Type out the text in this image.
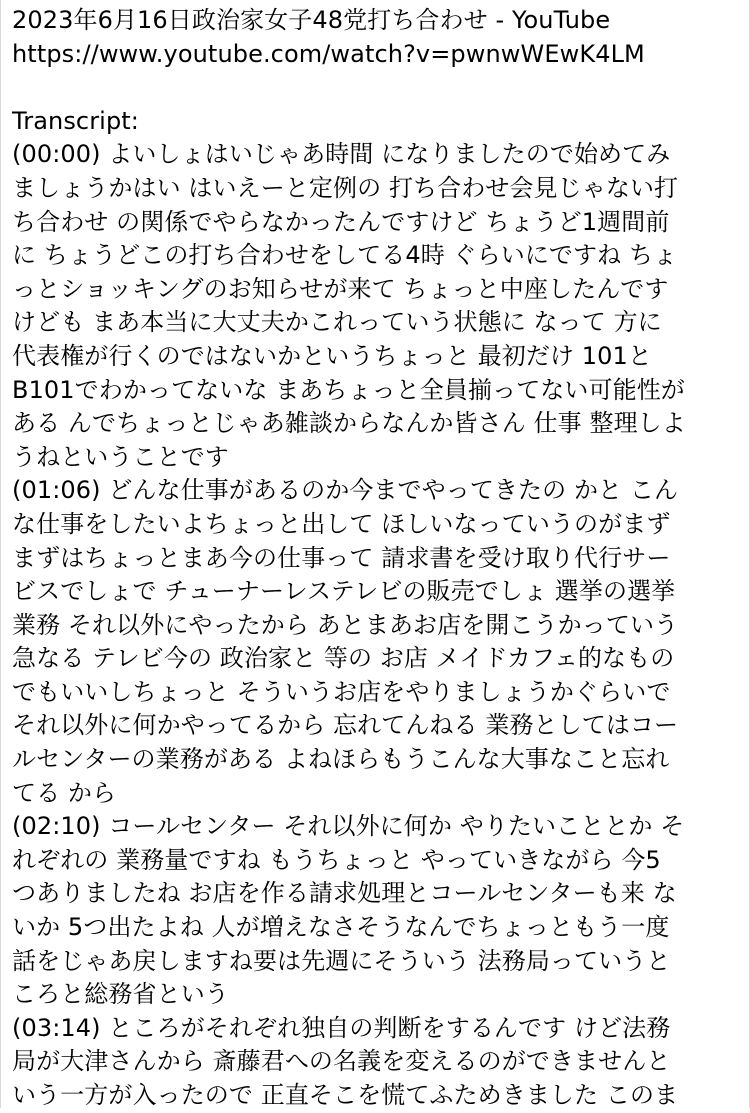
2023年6月16日政治家女子48党打ち合わせ - YouTube
https://www.youtube.com/watch?v=pwnwWEwK4LM
Transcript:
(00:00) よいしょはいじゃあ時間 になりましたので始めてみ
ましょうかはい はいえーと定例の 打ち合わせ会見じゃない打
ち合わせ の関係でやらなかったんですけど ちょうど1週間前
に ちょうどこの打ち合わせをしてる4時 ぐらいにですね ちょ
っとショッキングのお知らせが来て ちょっと中座したんです
けども まあ本当に大丈夫かこれっていう状態に なって 方に
代表権が行くのではないかというちょっと 最初だけ 101と
B101でわかってないな まあちょっと全員揃ってない可能性が
ある んでちょっとじゃあ雑談からなんか皆さん 仕事 整理しよ
うねということです
(01:06) どんな仕事があるのか今までやってきたの かと こん
な仕事をしたいよちょっと出して ほしいなっていうのがまず
まずはちょっとまあ今の仕事って 請求書を受け取り代行サー
ビスでしょで チューナーレステレビの販売でしょ 選挙の選挙
業務 それ以外にやったから あとまあお店を開こうかっていう
急なる テレビ今の 政治家と 等の お店 メイドカフェ的なもの
でもいいしちょっと そういうお店をやりましょうかぐらいで
それ以外に何かやってるから 忘れてんねる 業務としてはコー
ルセンターの業務がある よねほらもうこんな大事なこと忘れ
てる から
(02:10) コールセンター それ以外に何か やりたいこととか そ
れぞれの 業務量ですね もうちょっと やっていきながら 今5
つありましたね お店を作る請求処理とコールセンターも来 な
いか 5つ出たよね 人が増えなさそうなんでちょっともう一度
話をじゃあ戻しますね要は先週にそういう 法務局っていうと
ころと総務省という
(03:14) ところがそれぞれ独自の判断をするんです けど法務
局が大津さんから 斎藤君への名義を変えるのができませんと
いう一方が入ったので 正直そこを慌てふためきました このま
